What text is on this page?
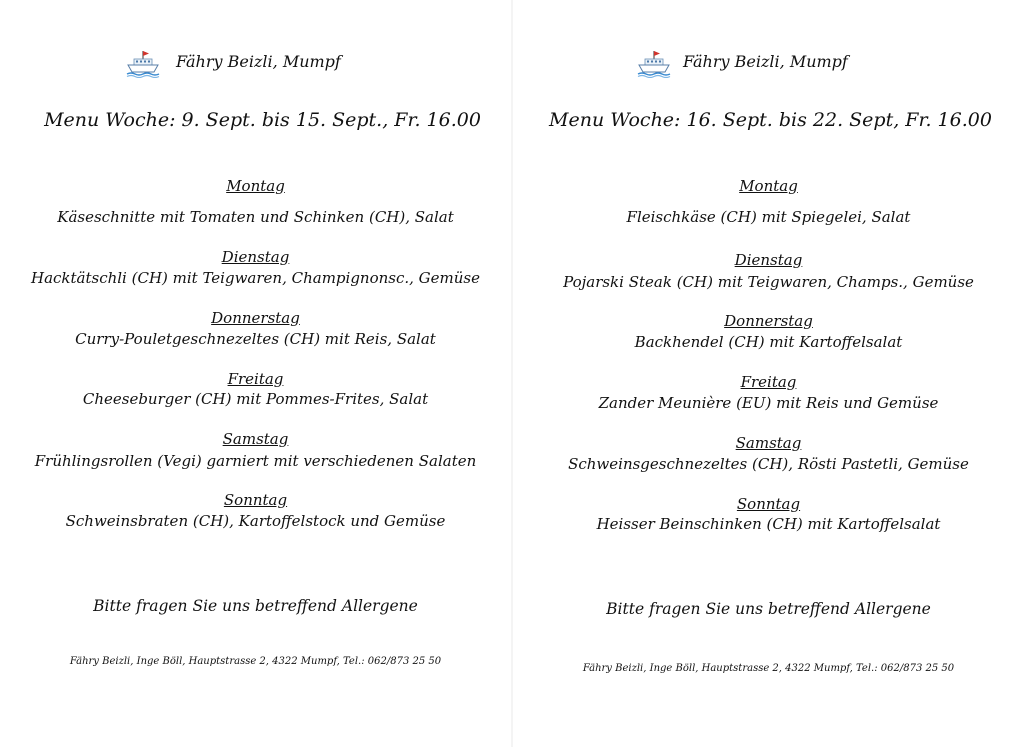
Fähry Beizli, Mumpf
Menu Woche: 9. Sept. bis 15. Sept., Fr. 16.00
Montag
Käseschnitte mit Tomaten und Schinken (CH), Salat
Dienstag
Hacktätschli (CH) mit Teigwaren, Champignonsc., Gemüse
Donnerstag
Curry-Pouletgeschnezeltes (CH) mit Reis, Salat
Freitag
Cheeseburger (CH) mit Pommes-Frites, Salat
Samstag
Frühlingsrollen (Vegi) garniert mit verschiedenen Salaten
Sonntag
Schweinsbraten (CH), Kartoffelstock und Gemüse
Bitte fragen Sie uns betreffend Allergene
Fähry Beizli, Inge Böll, Hauptstrasse 2, 4322 Mumpf, Tel.: 062/873 25 50
Fähry Beizli, Mumpf
Menu Woche: 16. Sept. bis 22. Sept, Fr. 16.00
Montag
Fleischkäse (CH) mit Spiegelei, Salat
Dienstag
Pojarski Steak (CH) mit Teigwaren, Champs., Gemüse
Donnerstag
Backhendel (CH) mit Kartoffelsalat
Freitag
Zander Meunière (EU) mit Reis und Gemüse
Samstag
Schweinsgeschnezeltes (CH), Rösti Pastetli, Gemüse
Sonntag
Heisser Beinschinken (CH) mit Kartoffelsalat
Bitte fragen Sie uns betreffend Allergene
Fähry Beizli, Inge Böll, Hauptstrasse 2, 4322 Mumpf, Tel.: 062/873 25 50
